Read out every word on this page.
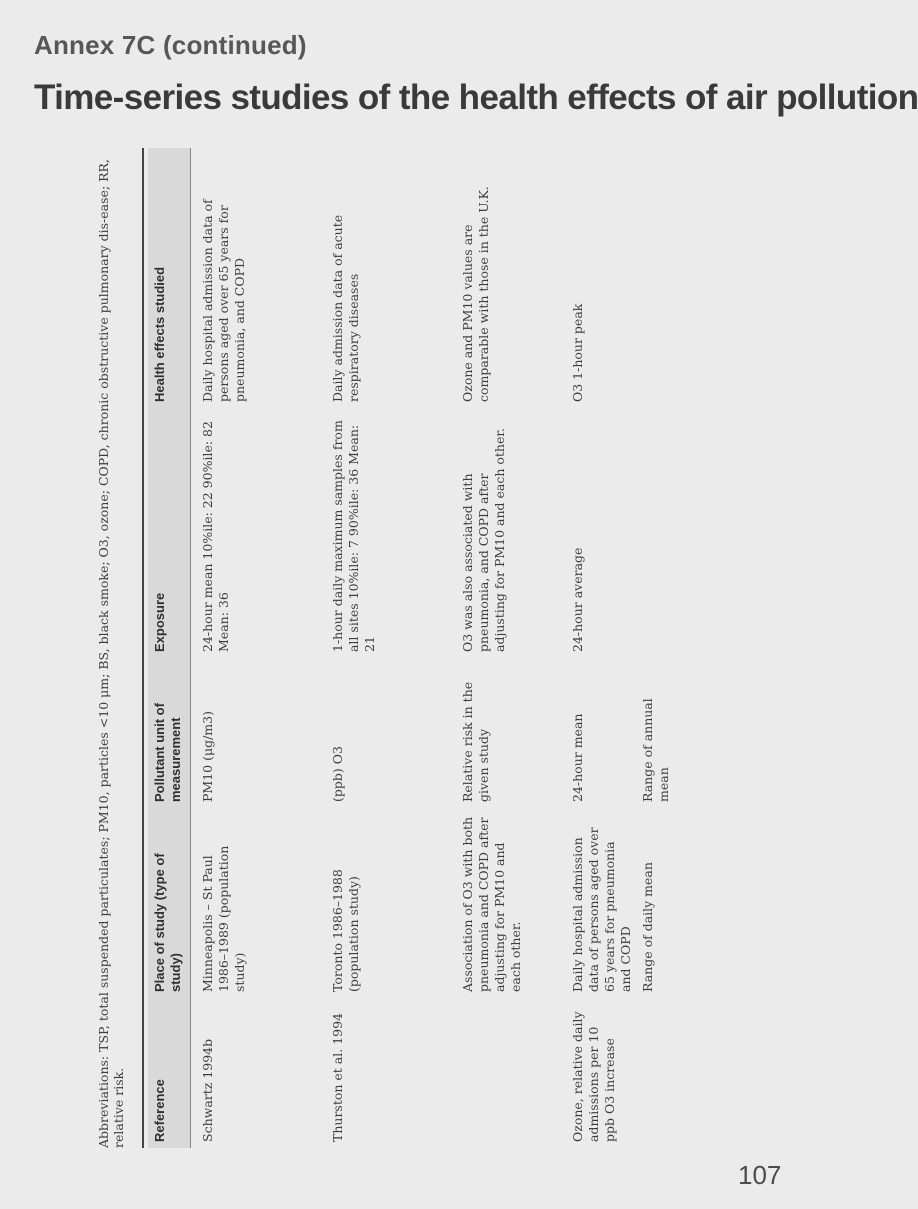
Annex 7C (continued)
Time-series studies of the health effects of air pollution
Abbreviations: TSP, total suspended particulates; PM10, particles <10 μm; BS, black smoke; O3, ozone; COPD, chronic obstructive pulmonary dis-ease; RR, relative risk.	Reference
Place of study (type of study)
Pollutant unit of measurement
Exposure
Health effects studied
Schwartz 1994b
Minneapolis – St Paul 1986–1989 (population study)
PM10 (μg/m3)
24-hour mean 10%ile: 22 90%ile: 82 Mean: 36
Daily hospital admission data of persons aged over 65 years for pneumonia, and COPD
Thurston et al. 1994
Toronto 1986–1988 (population study)
(ppb) O3
1-hour daily maximum samples from all sites 10%ile: 7 90%ile: 36 Mean: 21
Daily admission data of acute respiratory diseases
Association of O3 with both pneumonia and COPD after adjusting for PM10 and each other.
Relative risk in the given study
O3 was also associated with pneumonia, and COPD after adjusting for PM10 and each other.
Ozone and PM10 values are comparable with those in the U.K.
Ozone, relative daily admissions per 10 ppb O3 increase
Daily hospital admission data of persons aged over 65 years for pneumonia and COPD
24-hour mean
24-hour average
O3 1-hour peak
Range of daily mean
Range of annual mean
107
